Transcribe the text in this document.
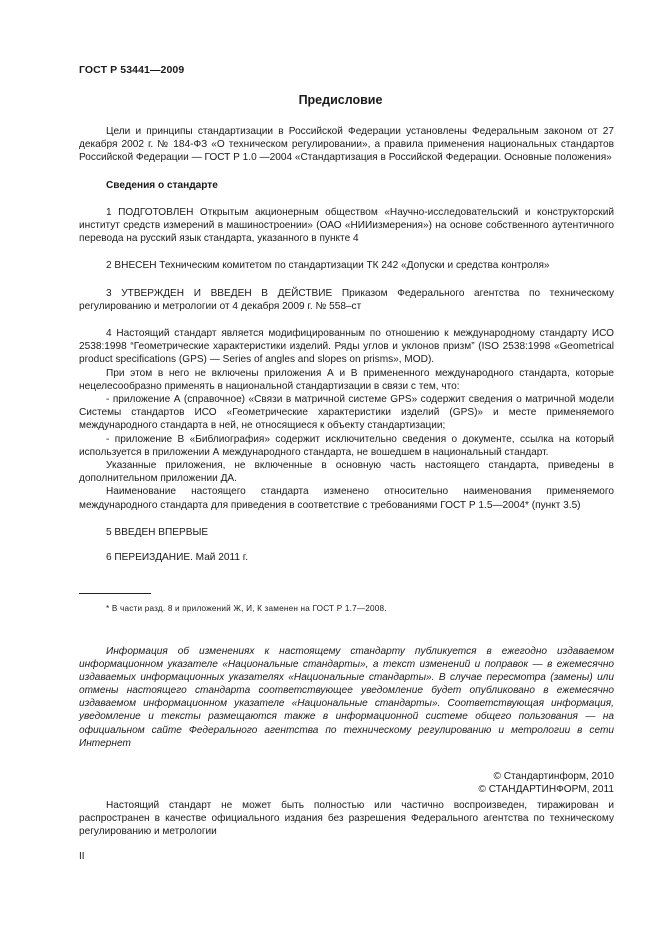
ГОСТ Р 53441—2009
Предисловие

Цели и принципы стандартизации в Российской Федерации установлены Федеральным законом от 27 декабря 2002 г. № 184-ФЗ «О техническом регулировании», а правила применения национальных стандартов Российской Федерации — ГОСТ Р 1.0 —2004 «Стандартизация в Российской Федерации. Основные положения»

Сведения о стандарте

1 ПОДГОТОВЛЕН Открытым акционерным обществом «Научно-исследовательский и конструкторский институт средств измерений в машиностроении» (ОАО «НИИизмерения») на основе собственного аутентичного перевода на русский язык стандарта, указанного в пункте 4

2 ВНЕСЕН Техническим комитетом по стандартизации ТК 242 «Допуски и средства контроля»

3 УТВЕРЖДЕН И ВВЕДЕН В ДЕЙСТВИЕ Приказом Федерального агентства по техническому регулированию и метрологии от 4 декабря 2009 г. № 558–ст

4 Настоящий стандарт является модифицированным по отношению к международному стандарту ИСО 2538:1998 “Геометрические характеристики изделий. Ряды углов и уклонов призм” (ISO 2538:1998 «Geometrical product specifications (GPS) — Series of angles and slopes on prisms», MOD).

При этом в него не включены приложения А и В примененного международного стандарта, которые нецелесообразно применять в национальной стандартизации в связи с тем, что:

- приложение А (справочное) «Связи в матричной системе GPS» содержит сведения о матричной модели Системы стандартов ИСО «Геометрические характеристики изделий (GPS)» и месте применяемого международного стандарта в ней, не относящиеся к объекту стандартизации;

- приложение В «Библиография» содержит исключительно сведения о документе, ссылка на который используется в приложении А международного стандарта, не вошедшем в национальный стандарт.

Указанные приложения, не включенные в основную часть настоящего стандарта, приведены в дополнительном приложении ДА.

Наименование настоящего стандарта изменено относительно наименования применяемого международного стандарта для приведения в соответствие с требованиями ГОСТ Р 1.5—2004* (пункт 3.5)

5 ВВЕДЕН ВПЕРВЫЕ

6 ПЕРЕИЗДАНИЕ. Май 2011 г.

* В части разд. 8 и приложений Ж, И, К заменен на ГОСТ Р 1.7—2008.

Информация об изменениях к настоящему стандарту публикуется в ежегодно издаваемом информационном указателе «Национальные стандарты», а текст изменений и поправок — в ежемесячно издаваемых информационных указателях «Национальные стандарты». В случае пересмотра (замены) или отмены настоящего стандарта соответствующее уведомление будет опубликовано в ежемесячно издаваемом информационном указателе «Национальные стандарты». Соответствующая информация, уведомление и тексты размещаются также в информационной системе общего пользования — на официальном сайте Федерального агентства по техническому регулированию и метрологии в сети Интернет

© Стандартинформ, 2010
© СТАНДАРТИНФОРМ, 2011

Настоящий стандарт не может быть полностью или частично воспроизведен, тиражирован и распространен в качестве официального издания без разрешения Федерального агентства по техническому регулированию и метрологии

II
